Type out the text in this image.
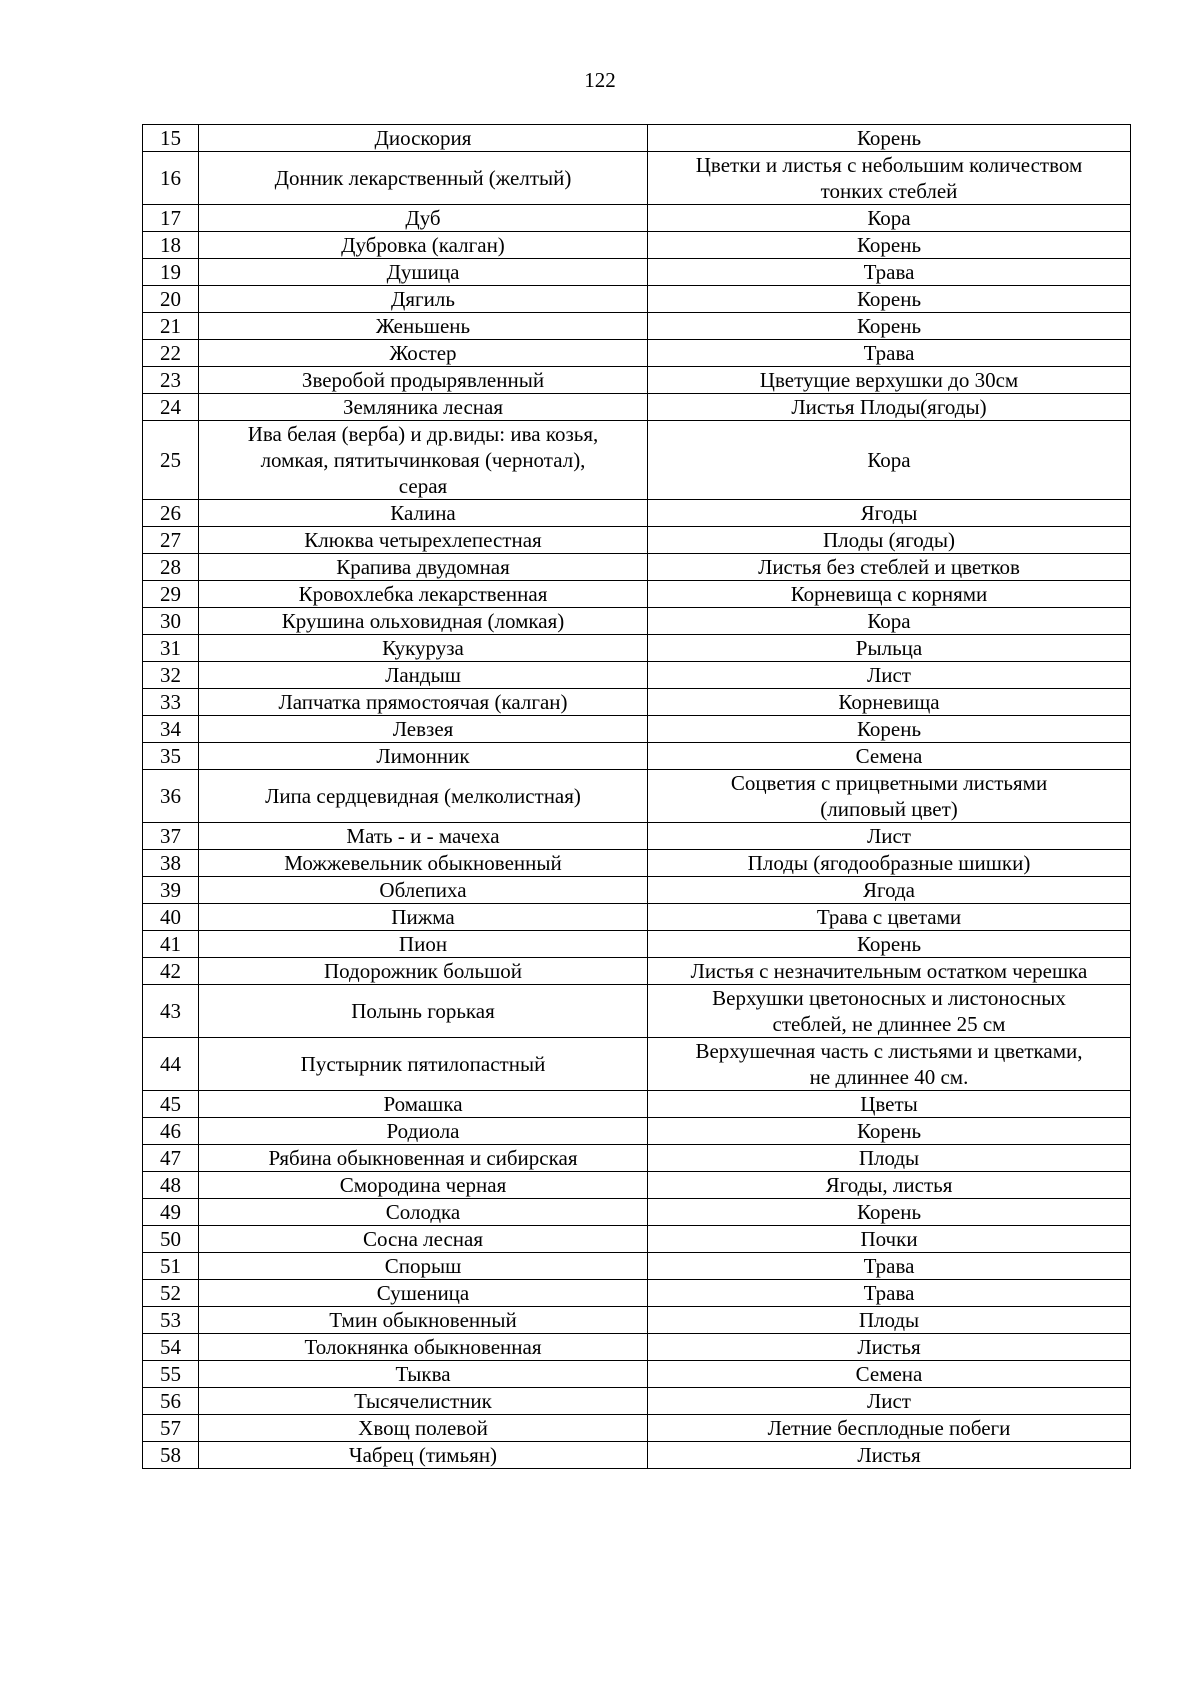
122
15	Диоскория	Корень

16	Донник лекарственный (желтый)	Цветки и листья с небольшим количеством
тонких стеблей

17	Дуб	Кора

18	Дубровка (калган)	Корень

19	Душица	Трава

20	Дягиль	Корень

21	Женьшень	Корень

22	Жостер	Трава

23	Зверобой продырявленный	Цветущие верхушки до 30см

24	Земляника лесная	Листья Плоды(ягоды)

25	Ива белая (верба) и др.виды: ива козья,
ломкая, пятитычинковая (чернотал),
серая	Кора

26	Калина	Ягоды

27	Клюква четырехлепестная	Плоды (ягоды)

28	Крапива двудомная	Листья без стеблей и цветков

29	Кровохлебка лекарственная	Корневища с корнями

30	Крушина ольховидная (ломкая)	Кора

31	Кукуруза	Рыльца

32	Ландыш	Лист

33	Лапчатка прямостоячая (калган)	Корневища

34	Левзея	Корень

35	Лимонник	Семена

36	Липа сердцевидная (мелколистная)	Соцветия с прицветными листьями
(липовый цвет)

37	Мать - и - мачеха	Лист

38	Можжевельник обыкновенный	Плоды (ягодообразные шишки)

39	Облепиха	Ягода

40	Пижма	Трава с цветами

41	Пион	Корень

42	Подорожник большой	Листья с незначительным остатком черешка

43	Полынь горькая	Верхушки цветоносных и листоносных
стеблей, не длиннее 25 см

44	Пустырник пятилопастный	Верхушечная часть с листьями и цветками,
не длиннее 40 см.

45	Ромашка	Цветы

46	Родиола	Корень

47	Рябина обыкновенная и сибирская	Плоды

48	Смородина черная	Ягоды, листья

49	Солодка	Корень

50	Сосна лесная	Почки

51	Спорыш	Трава

52	Сушеница	Трава

53	Тмин обыкновенный	Плоды

54	Толокнянка обыкновенная	Листья

55	Тыква	Семена

56	Тысячелистник	Лист

57	Хвощ полевой	Летние бесплодные побеги

58	Чабрец (тимьян)	Листья
